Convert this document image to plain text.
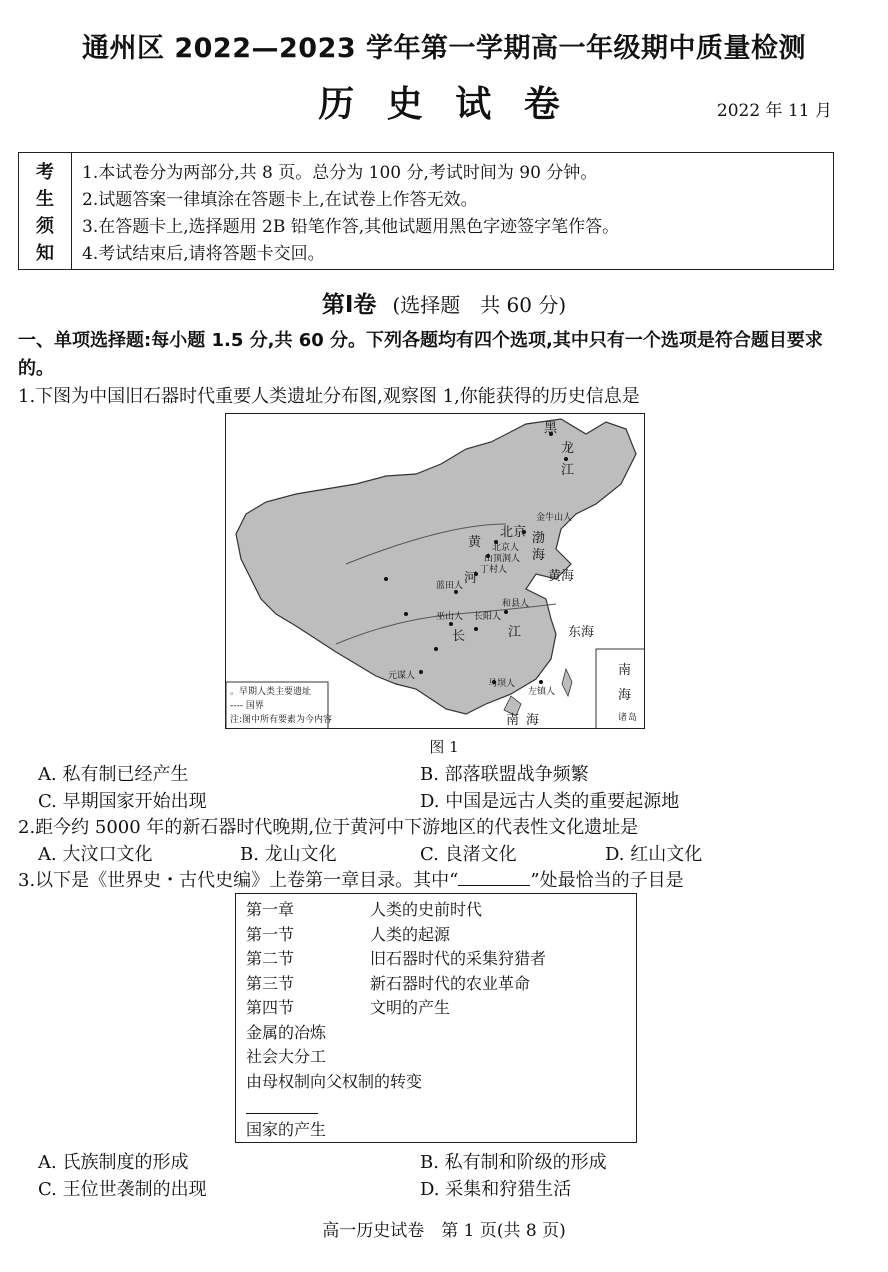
通州区 2022—2023 学年第一学期高一年级期中质量检测
历 史 试 卷	2022 年 11 月
考
生
须
知
1.本试卷分为两部分,共 8 页。总分为 100 分,考试时间为 90 分钟。
2.试题答案一律填涂在答题卡上,在试卷上作答无效。
3.在答题卡上,选择题用 2B 铅笔作答,其他试题用黑色字迹签字笔作答。
4.考试结束后,请将答题卡交回。
第Ⅰ卷 (选择题　共 60 分)
一、单项选择题:每小题 1.5 分,共 60 分。下列各题均有四个选项,其中只有一个选项是符合题目要求的。
1.下图为中国旧石器时代重要人类遗址分布图,观察图 1,你能获得的历史信息是
黑
龙
江
北京
金牛山人
北京人
山顶洞人
黄	渤
海
丁村人
河	黄海
蓝田人
和县人
巫山人 长阳人
长	江	东海
元谋人
马坝人
左镇人
南 海
南
海
诸 岛
。早期人类主要遗址
---- 国界
注:图中所有要素为今内容
图 1
A. 私有制已经产生	B. 部落联盟战争频繁
C. 早期国家开始出现	D. 中国是远古人类的重要起源地
2.距今约 5000 年的新石器时代晚期,位于黄河中下游地区的代表性文化遗址是
A. 大汶口文化	B. 龙山文化	C. 良渚文化	D. 红山文化
3.以下是《世界史・古代史编》上卷第一章目录。其中“	”处最恰当的子目是
第一章	人类的史前时代
第一节	人类的起源
第二节	旧石器时代的采集狩猎者
第三节	新石器时代的农业革命
第四节	文明的产生
金属的冶炼
社会大分工
由母权制向父权制的转变
国家的产生
A. 氏族制度的形成	B. 私有制和阶级的形成
C. 王位世袭制的出现	D. 采集和狩猎生活
高一历史试卷　第 1 页(共 8 页)
